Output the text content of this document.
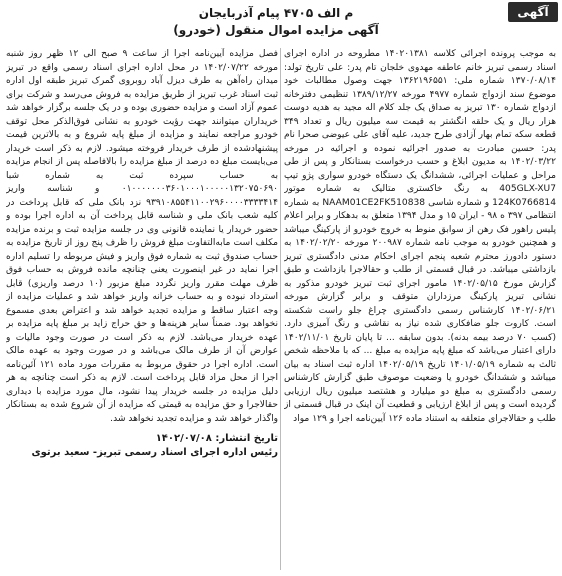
آگهی
م الف ۴۷۰۵ پیام آذربایجان
آگهی مزایده اموال منقول (خودرو)

به موجب پرونده اجرائی کلاسه ۱۴۰۲۰۱۳۸۱ مطروحه در اداره اجرای اسناد رسمی تبریز خانم عاطفه مهدوی خلجان تام پدر: علی تاریخ تولد: ۱۳۷۰/۰۸/۱۴ شماره ملی: ۱۳۶۲۱۹۶۵۵۱ جهت وصول مطالبات خود موضوع سند ازدواج شماره ۴۹۷۷ مورخه ۱۳۸۹/۱۲/۲۷ تنظیمی دفترخانه ازدواج شماره ۱۳۰ تبریز به صداق یک جلد کلام اله مجید به هدیه دوست هزار ریال و یک حلقه انگشتر به قیمت سه میلیون ریال و تعداد ۳۴۹ قطعه سکه تمام بهار آزادی طرح جدید، علیه آقای علی عیوضی صحرا نام پدر: حسین مبادرت به صدور اجرائیه نموده و اجرائیه در مورخه ۱۴۰۲/۰۳/۲۲ به مدیون ابلاغ و حسب درخواست بستانکار و پس از طی مراحل و عملیات اجرائی، ششدانگ یک دستگاه خودرو سواری پژو تیپ 405GLX-XU7 به رنگ خاکستری متالیک به شماره موتور 124K0766814 و شماره شاسی NAAM01CE2FK510838 به شماره انتظامی ۳۹۷ ه ۹۸ - ایران ۱۵ و مدل ۱۳۹۴ متعلق به بدهکار و برابر اعلام پلیس راهور فک رهن از سوابق منوط به خروج خودرو از پارکینگ میباشد و همچنین خودرو به موجب نامه شماره ۲۰۰۹۸۷ مورخه ۱۴۰۲/۰۲/۲۰ به دستور دادورز محترم شعبه پنجم اجرای احکام مدنی دادگستری تبریز بازداشتی میباشد. در قبال قسمتی از طلب و حقالاجرا بازداشت و طبق گزارش مورخ ۱۴۰۲/۰۵/۱۵ مامور اجرای ثبت تبریز خودرو مذکور به نشانی تبریز پارکینگ مرزداران متوقف و برابر گزارش مورخه ۱۴۰۲/۰۶/۲۱ کارشناس رسمی دادگستری چراغ جلو راست شکسته است. کاروت جلو ضافکاری شده نیاز به نقاشی و رنگ آمیزی دارد. (کسب ۷۰ درصد بیمه بدنه). بدون سابقه ... تا پایان تاریخ ۱۴۰۲/۱۱/۰۱ دارای اعتبار می‌باشد که مبلغ پایه مزایده به مبلغ ... که با ملاحظه شخص ثالث به شماره ۱۴۰۱/۰۵/۱۹ تاریخ ۱۴۰۲/۰۵/۱۹ اداره ثبت اسناد به بیان میباشد و ششدانگ خودرو یا وضعیت موصوف طبق گزارش کارشناس رسمی دادگستری به مبلغ دو میلیارد و هشتصد میلیون ریال ارزیابی گردیده است و پس از ابلاغ ارزیابی و قطعیت آن اینک در قبال قسمتی از طلب و حقالاجرای متعلقه به استناد ماده ۱۲۶ آیین‌نامه اجرا و ۱۲۹ مواد

فصل مزایده آیین‌نامه اجرا از ساعت ۹ صبح الی ۱۲ ظهر روز شنبه مورخه ۱۴۰۲/۰۷/۲۲ در محل اداره اجرای اسناد رسمی واقع در تبریز میدان راه‌آهن به طرف دیزل آباد روبروی گمرک تبریز طبقه اول اداره ثبت اسناد غرب تبریز از طریق مزایده به فروش می‌رسد و شرکت برای عموم آزاد است و مزایده حضوری بوده و در یک جلسه برگزار خواهد شد خریداران میتوانند جهت رؤیت خودرو به نشانی فوق‌الذکر محل توقف خودرو مراجعه نمایند و مزایده از مبلغ پایه شروع و به بالاترین قیمت پیشنهادشده از طرف خریدار فروخته میشود. لازم به ذکر است خریدار می‌بایست مبلغ ده درصد از مبلغ مزایده را بالافاصله پس از انجام مزایده به حساب سپرده ثبت به شماره شبا ۰۱۰۰۰۰۰۰۰۳۶۰۱۰۰۰۱۰۰۰۰۰۱۳۲۰۷۵۰۶۹۰ و شناسه واریز ۹۳۹۱۰۸۵۵۴۱۱۰۰۲۹۶۰۰۰۰۳۳۳۳۴۱۴ نزد بانک ملی که قابل پرداخت در کلیه شعب بانک ملی و شناسه قابل پرداخت آن به اداره اجرا بوده و حضور خریدار یا نماینده قانونی وی در جلسه مزایده ثبت و برنده مزایده مکلف است مابه‌التفاوت مبلغ فروش را ظرف پنج روز از تاریخ مزایده به حساب صندوق ثبت به شماره فوق واریز و فیش مربوطه را تسلیم اداره اجرا نماید در غیر اینصورت یعنی چنانچه مانده فروش به حساب فوق ظرف مهلت مقرر واریز نگردد مبلغ مزبور (۱۰ درصد واریزی) قابل استرداد نبوده و به حساب خزانه واریز خواهد شد و عملیات مزایده از وجه اعتبار ساقط و مزایده تجدید خواهد شد و اعتراض بعدی مسموع نخواهد بود. ضمناً سایر هزینه‌ها و حق حراج زاید بر مبلغ پایه مزایده بر عهده خریدار می‌باشد. لازم به ذکر است در صورت وجود مالیات و عوارض آن از طرف مالک می‌باشد و در صورت وجود به عهده مالک است. اداره اجرا در حقوق مربوط به مقررات مورد ماده ۱۲۱ آئین‌نامه اجرا از محل مزاد قابل پرداخت است. لازم به ذکر است چنانچه به هر دلیل مزایده در جلسه خریدار پیدا نشود، مال مورد مزایده با دیداری حقالاجرا و حق مزایده به قیمتی که مزایده از آن شروع شده به بستانکار واگذار خواهد شد و مزایده تجدید نخواهد شد.

تاریخ انتشار: ۱۴۰۲/۰۷/۰۸
رئیس اداره اجرای اسناد رسمی تبریز- سعید برتوی
